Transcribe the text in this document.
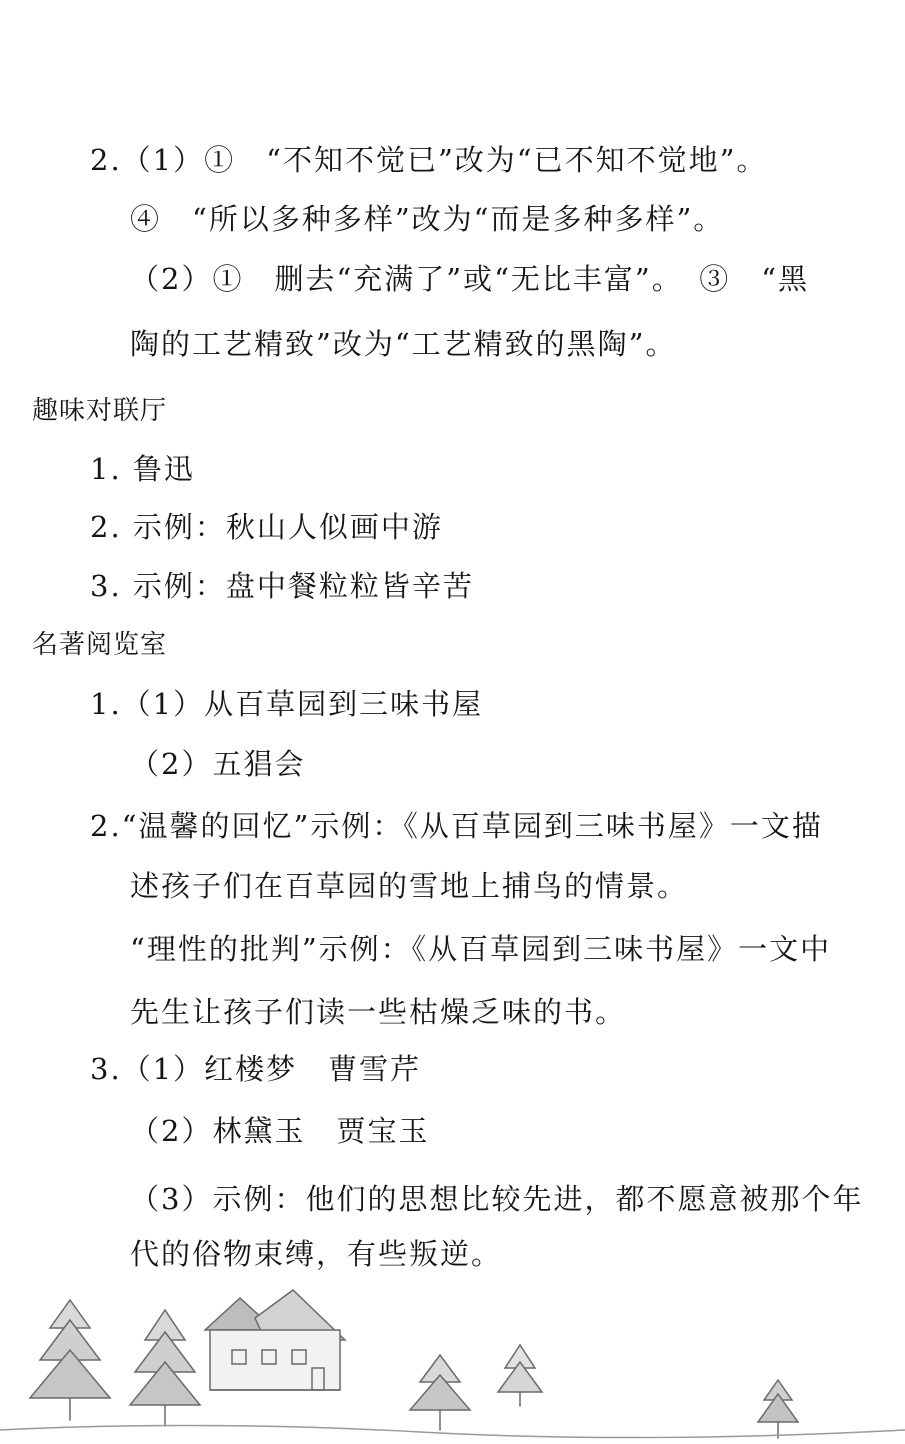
2.（1）①　“不知不觉已”改为“已不知不觉地”。
④　“所以多种多样”改为“而是多种多样”。
（2）①　删去“充满了”或“无比丰富”。　③　“黑
陶的工艺精致”改为“工艺精致的黑陶”。
趣味对联厅
1. 鲁迅
2. 示例：秋山人似画中游
3. 示例：盘中餐粒粒皆辛苦
名著阅览室
1.（1）从百草园到三味书屋
（2）五猖会
2.“温馨的回忆”示例：《从百草园到三味书屋》一文描
述孩子们在百草园的雪地上捕鸟的情景。
“理性的批判”示例：《从百草园到三味书屋》一文中
先生让孩子们读一些枯燥乏味的书。
3.（1）红楼梦　曹雪芹
（2）林黛玉　贾宝玉
（3）示例：他们的思想比较先进，都不愿意被那个年
代的俗物束缚，有些叛逆。
